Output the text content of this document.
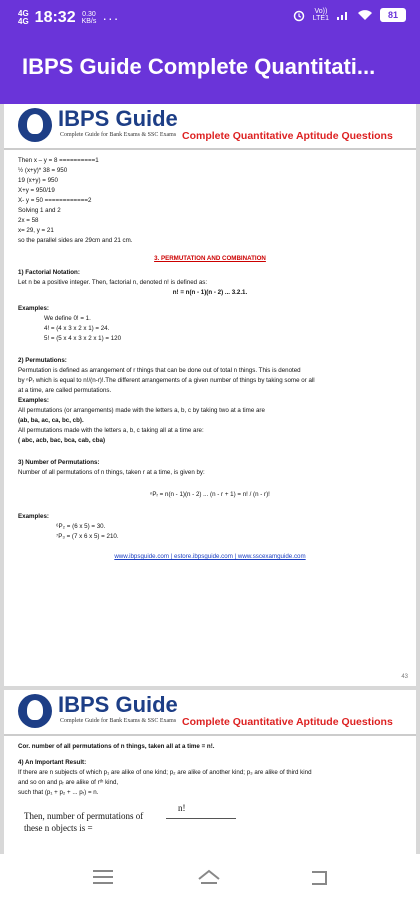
4G
4G 18:32 0.30
KB/s ···	Vo))
LTE1	81
IBPS Guide Complete Quantitati...
IBPS Guide
Complete Guide for Bank Exams & SSC Exams Complete Quantitative Aptitude Questions
Then x – y = 8 ==========1
½ (x+y)* 38 = 950
19 (x+y) = 950
X+y = 950/19
X- y = 50 ============2
Solving 1 and 2
2x = 58
x= 29, y = 21
so the parallel sides are 29cm and 21 cm.
3. PERMUTATION AND COMBINATION
1) Factorial Notation:
Let n be a positive integer. Then, factorial n, denoted n! is defined as:
n! = n(n - 1)(n - 2) ... 3.2.1.
Examples:
We define 0! = 1.
4! = (4 x 3 x 2 x 1) = 24.
5! = (5 x 4 x 3 x 2 x 1) = 120
2) Permutations:
Permutation is defined as arrangement of r things that can be done out of total n things. This is denoted
by ⁿPᵣ which is equal to n!/(n-r)!.The different arrangements of a given number of things by taking some or all
at a time, are called permutations.
Examples:
All permutations (or arrangements) made with the letters a, b, c by taking two at a time are
(ab, ba, ac, ca, bc, cb).
All permutations made with the letters a, b, c taking all at a time are:
( abc, acb, bac, bca, cab, cba)
3) Number of Permutations:
Number of all permutations of n things, taken r at a time, is given by:
ⁿPᵣ = n(n - 1)(n - 2) ... (n - r + 1) = n! / (n - r)!
Examples:
⁶P₂ = (6 x 5) = 30.
⁷P₃ = (7 x 6 x 5) = 210.
www.ibpsguide.com | estore.ibpsguide.com | www.sscexamguide.com
43
IBPS Guide
Complete Guide for Bank Exams & SSC Exams Complete Quantitative Aptitude Questions
Cor. number of all permutations of n things, taken all at a time = n!.
4) An Important Result:
If there are n subjects of which p₁ are alike of one kind; p₂ are alike of another kind; p₃ are alike of third kind
and so on and pᵣ are alike of rᵗʰ kind,
such that (p₁ + p₂ + ... pᵣ) = n.
Then, number of permutations of
these n objects is =
n!
